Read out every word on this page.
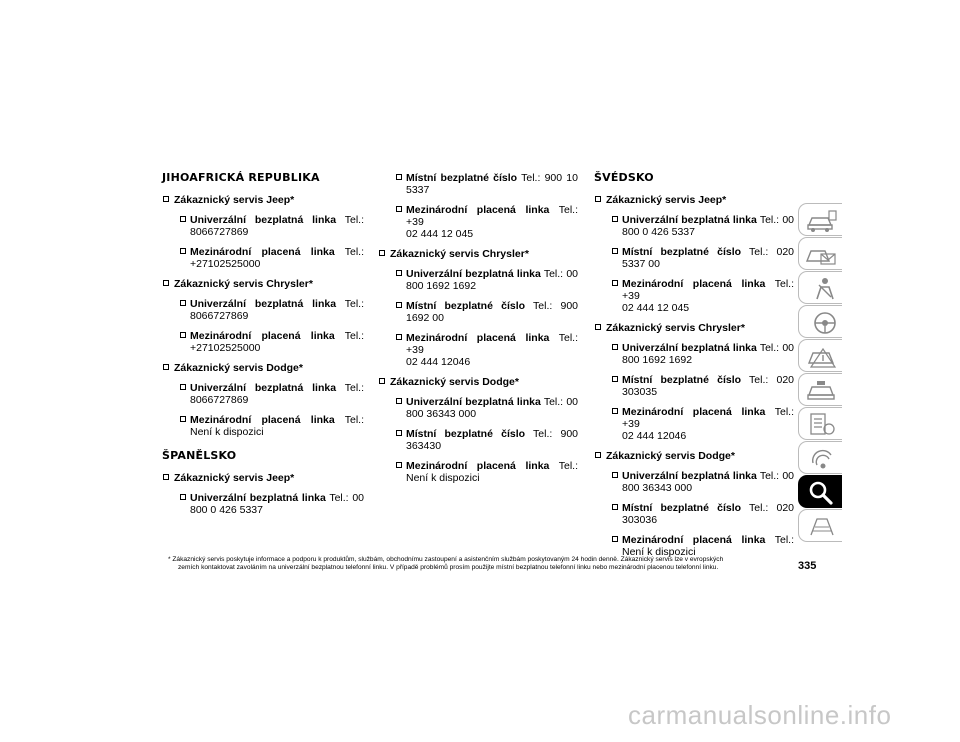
JIHOAFRICKÁ REPUBLIKA
Zákaznický servis Jeep*
Univerzální bezplatná linka Tel.:
8066727869
Mezinárodní placená linka Tel.:
+27102525000
Zákaznický servis Chrysler*
Univerzální bezplatná linka Tel.:
8066727869
Mezinárodní placená linka Tel.:
+27102525000
Zákaznický servis Dodge*
Univerzální bezplatná linka Tel.:
8066727869
Mezinárodní placená linka Tel.:
Není k dispozici
ŠPANĚLSKO
Zákaznický servis Jeep*
Univerzální bezplatná linka Tel.: 00
800 0 426 5337
Místní bezplatné číslo Tel.: 900 10
5337
Mezinárodní placená linka Tel.: +39
02 444 12 045
Zákaznický servis Chrysler*
Univerzální bezplatná linka Tel.: 00
800 1692 1692
Místní bezplatné číslo Tel.: 900
1692 00
Mezinárodní placená linka Tel.: +39
02 444 12046
Zákaznický servis Dodge*
Univerzální bezplatná linka Tel.: 00
800 36343 000
Místní bezplatné číslo Tel.: 900
363430
Mezinárodní placená linka Tel.:
Není k dispozici
ŠVÉDSKO
Zákaznický servis Jeep*
Univerzální bezplatná linka Tel.: 00
800 0 426 5337
Místní bezplatné číslo Tel.: 020
5337 00
Mezinárodní placená linka Tel.: +39
02 444 12 045
Zákaznický servis Chrysler*
Univerzální bezplatná linka Tel.: 00
800 1692 1692
Místní bezplatné číslo Tel.: 020
303035
Mezinárodní placená linka Tel.: +39
02 444 12046
Zákaznický servis Dodge*
Univerzální bezplatná linka Tel.: 00
800 36343 000
Místní bezplatné číslo Tel.: 020
303036
Mezinárodní placená linka Tel.:
Není k dispozici
* Zákaznický servis poskytuje informace a podporu k produktům, službám, obchodnímu zastoupení a asistenčním službám poskytovaným 24 hodin denně. Zákaznický servis lze v evropských
zemích kontaktovat zavoláním na univerzální bezplatnou telefonní linku. V případě problémů prosím použijte místní bezplatnou telefonní linku nebo mezinárodní placenou telefonní linku.	335
carmanualsonline.info
